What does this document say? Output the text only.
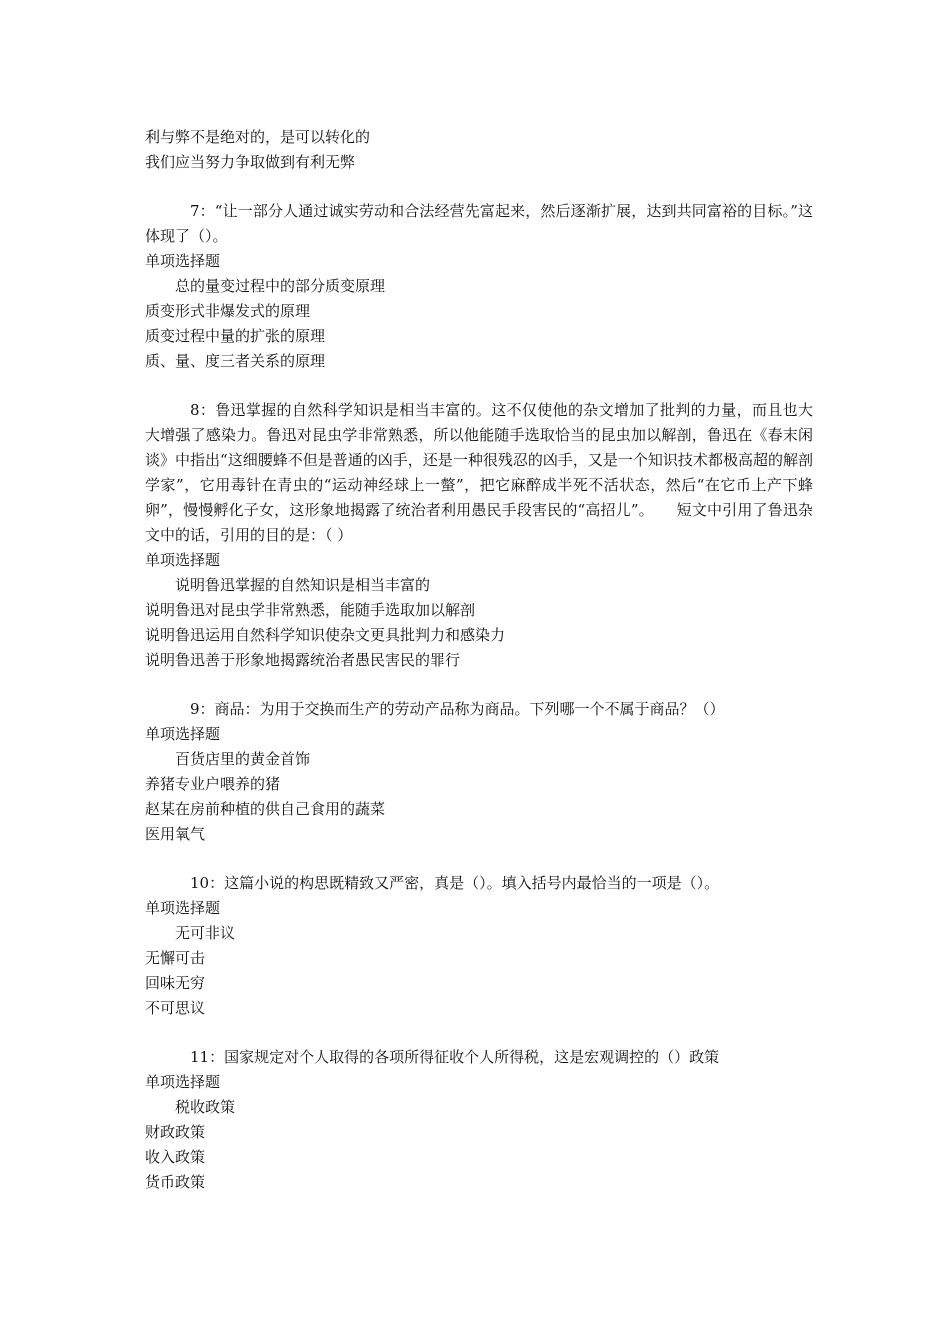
利与弊不是绝对的，是可以转化的
我们应当努力争取做到有利无弊
7：“让一部分人通过诚实劳动和合法经营先富起来，然后逐渐扩展，达到共同富裕的目标。”这体现了（）。
单项选择题
总的量变过程中的部分质变原理
质变形式非爆发式的原理
质变过程中量的扩张的原理
质、量、度三者关系的原理
8：鲁迅掌握的自然科学知识是相当丰富的。这不仅使他的杂文增加了批判的力量，而且也大大增强了感染力。鲁迅对昆虫学非常熟悉，所以他能随手选取恰当的昆虫加以解剖，鲁迅在《春末闲谈》中指出“这细腰蜂不但是普通的凶手，还是一种很残忍的凶手，又是一个知识技术都极高超的解剖学家”，它用毒针在青虫的“运动神经球上一螫”，把它麻醉成半死不活状态，然后“在它币上产下蜂卵”，慢慢孵化子女，这形象地揭露了统治者利用愚民手段害民的“高招儿”。　　短文中引用了鲁迅杂文中的话，引用的目的是：（ ）
单项选择题
说明鲁迅掌握的自然知识是相当丰富的
说明鲁迅对昆虫学非常熟悉，能随手选取加以解剖
说明鲁迅运用自然科学知识使杂文更具批判力和感染力
说明鲁迅善于形象地揭露统治者愚民害民的罪行
9：商品：为用于交换而生产的劳动产品称为商品。下列哪一个不属于商品？（）
单项选择题
百货店里的黄金首饰
养猪专业户喂养的猪
赵某在房前种植的供自己食用的蔬菜
医用氧气
10：这篇小说的构思既精致又严密，真是（）。填入括号内最恰当的一项是（）。
单项选择题
无可非议
无懈可击
回味无穷
不可思议
11：国家规定对个人取得的各项所得征收个人所得税，这是宏观调控的（）政策
单项选择题
税收政策
财政政策
收入政策
货币政策
